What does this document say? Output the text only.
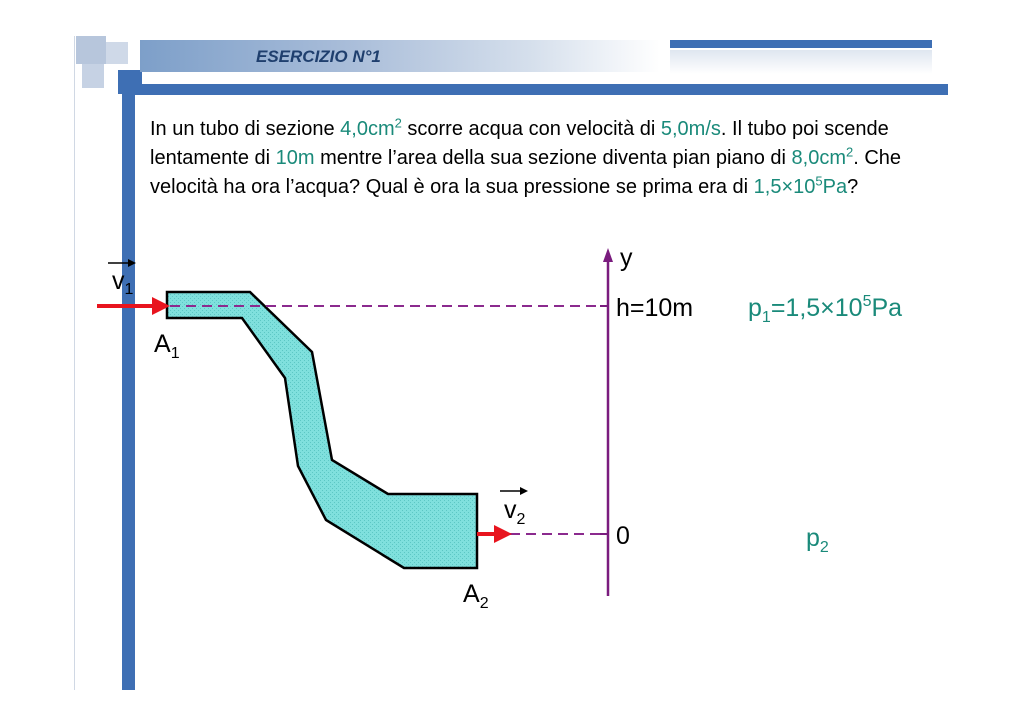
ESERCIZIO N°1
In un tubo di sezione $4,0cm^2$ scorre acqua con velocità di 5,0m/s. Il tubo poi scende lentamente di 10m mentre l’area della sua sezione diventa pian piano di $8,0cm^2$. Che velocità ha ora l’acqua? Qual è ora la sua pressione se prima era di $1,5\times 10^5Pa$?
$v_1$
$A_1$
$v_2$
$A_2$
y
h=10m
0
$p_1=1,5\times 10^5Pa$
$p_2$
